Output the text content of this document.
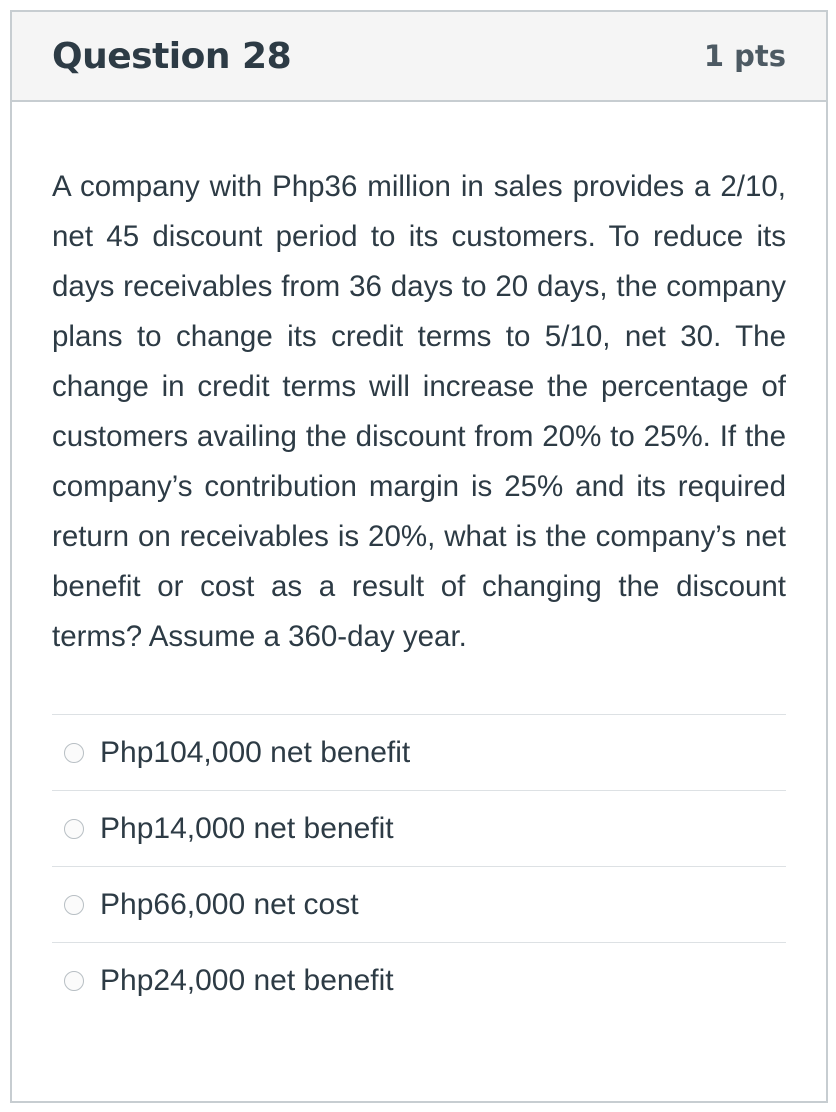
Question 28	1 pts

A company with Php36 million in sales provides a 2/10, net 45 discount period to its customers. To reduce its days receivables from 36 days to 20 days, the company plans to change its credit terms to 5/10, net 30. The change in credit terms will increase the percentage of customers availing the discount from 20% to 25%. If the company’s contribution margin is 25% and its required return on receivables is 20%, what is the company’s net benefit or cost as a result of changing the discount terms? Assume a 360-day year.

Php104,000 net benefit
Php14,000 net benefit
Php66,000 net cost
Php24,000 net benefit
